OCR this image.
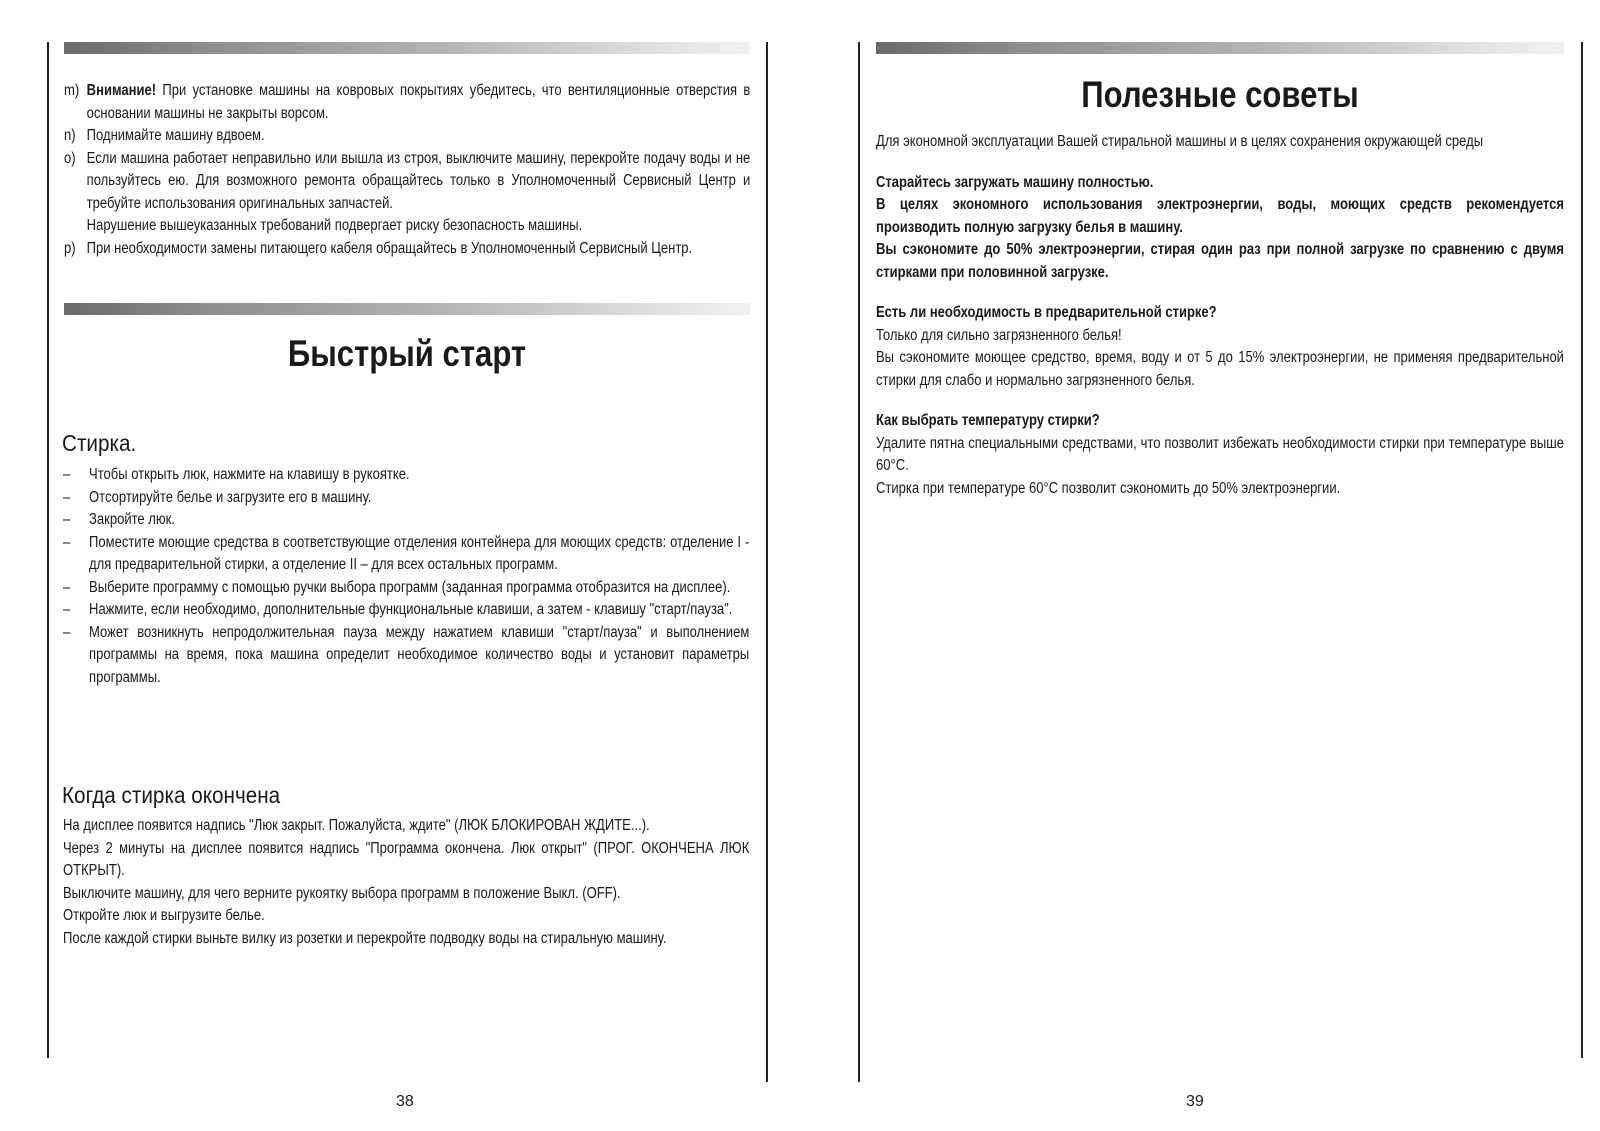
m) Внимание! При установке машины на ковровых покрытиях убедитесь, что вентиляционные отверстия в основании машины не закрыты ворсом.
n) Поднимайте машину вдвоем.
o) Если машина работает неправильно или вышла из строя, выключите машину, перекройте подачу воды и не пользуйтесь ею. Для возможного ремонта обращайтесь только в Уполномоченный Сервисный Центр и требуйте использования оригинальных запчастей.
Нарушение вышеуказанных требований подвергает риску безопасность машины.
p) При необходимости замены питающего кабеля обращайтесь в Уполномоченный Сервисный Центр.
Быстрый старт
Стирка.
–	Чтобы открыть люк, нажмите на клавишу в рукоятке.
–	Отсортируйте белье и загрузите его в машину.
–	Закройте люк.
–	Поместите моющие средства в соответствующие отделения контейнера для моющих средств: отделение I - для предварительной стирки, а отделение II – для всех остальных программ.
–	Выберите программу с помощью ручки выбора программ (заданная программа отобразится на дисплее).
–	Нажмите, если необходимо, дополнительные функциональные клавиши, а затем - клавишу "старт/пауза".
–	Может возникнуть непродолжительная пауза между нажатием клавиши "старт/пауза" и выполнением программы на время, пока машина определит необходимое количество воды и установит параметры программы.
Когда стирка окончена

На дисплее появится надпись "Люк закрыт. Пожалуйста, ждите" (ЛЮК БЛОКИРОВАН ЖДИТЕ...).

Через 2 минуты на дисплее появится надпись "Программа окончена. Люк открыт" (ПРОГ. ОКОНЧЕНА ЛЮК ОТКРЫТ).

Выключите машину, для чего верните рукоятку выбора программ в положение Выкл. (OFF).

Откройте люк и выгрузите белье.

После каждой стирки выньте вилку из розетки и перекройте подводку воды на стиральную машину.

38
Полезные советы

Для экономной эксплуатации Вашей стиральной машины и в целях сохранения окружающей среды

Старайтесь загружать машину полностью.

В целях экономного использования электроэнергии, воды, моющих средств рекомендуется производить полную загрузку белья в машину.

Вы сэкономите до 50% электроэнергии, стирая один раз при полной загрузке по сравнению с двумя стирками при половинной загрузке.

Есть ли необходимость в предварительной стирке?

Только для сильно загрязненного белья!

Вы сэкономите моющее средство, время, воду и от 5 до 15% электроэнергии, не применяя предварительной стирки для слабо и нормально загрязненного белья.

Как выбрать температуру стирки?

Удалите пятна специальными средствами, что позволит избежать необходимости стирки при температуре выше 60°C.

Стирка при температуре 60°C позволит сэкономить до 50% электроэнергии.

39
